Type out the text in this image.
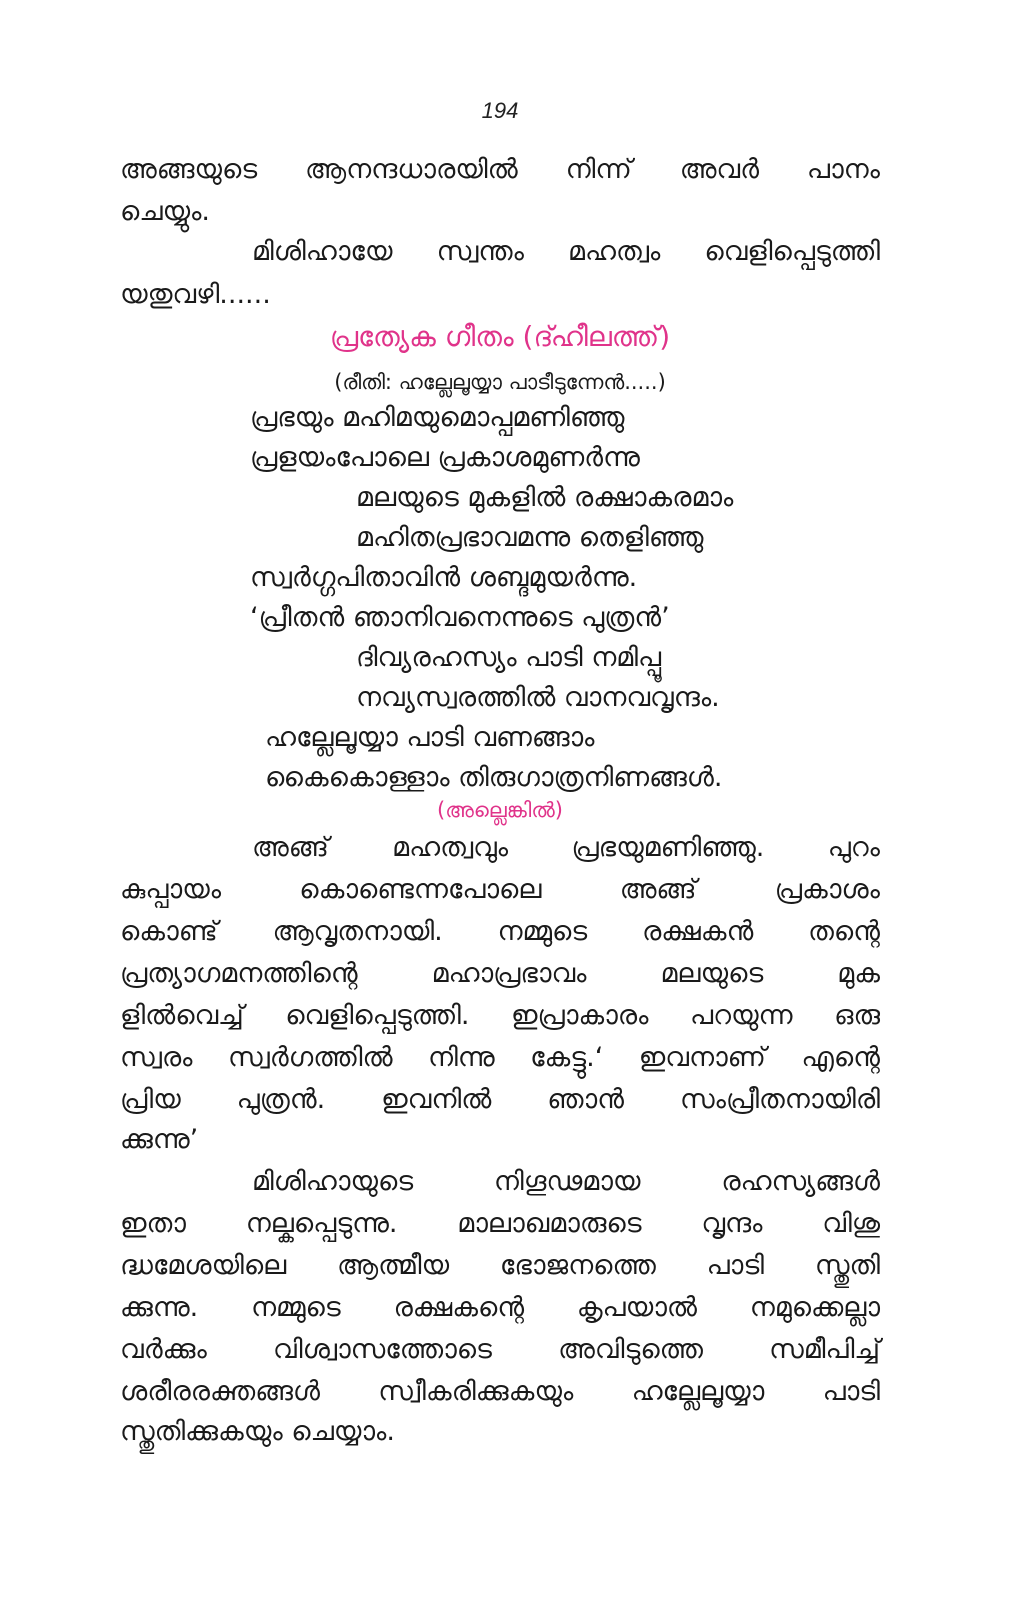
194
അങ്ങയുടെ ആനന്ദധാരയിൽ നിന്ന് അവർ പാനം
ചെയ്യും.
മിശിഹായേ സ്വന്തം മഹത്വം വെളിപ്പെടുത്തി
യതുവഴി......
പ്രത്യേക ഗീതം (ദ്ഹീലത്ത്)
(രീതി: ഹല്ലേലൂയ്യാ പാടീടുന്നേൻ.....)
പ്രഭയും മഹിമയുമൊപ്പമണിഞ്ഞു
പ്രളയംപോലെ പ്രകാശമുണർന്നു
മലയുടെ മുകളിൽ രക്ഷാകരമാം
മഹിതപ്രഭാവമന്നു തെളിഞ്ഞു
സ്വർഗ്ഗപിതാവിൻ ശബ്ദമുയർന്നു.
‘പ്രീതൻ ഞാനിവനെന്നുടെ പുത്രൻ’
ദിവ്യരഹസ്യം പാടി നമിപ്പൂ
നവ്യസ്വരത്തിൽ വാനവവൃന്ദം.
ഹല്ലേലൂയ്യാ പാടി വണങ്ങാം
കൈകൊള്ളാം തിരുഗാത്രനിണങ്ങൾ.
(അല്ലെങ്കിൽ)
അങ്ങ് മഹത്വവും പ്രഭയുമണിഞ്ഞു. പുറം
കുപ്പായം കൊണ്ടെന്നപോലെ അങ്ങ് പ്രകാശം
കൊണ്ട് ആവൃതനായി. നമ്മുടെ രക്ഷകൻ തന്റെ
പ്രത്യാഗമനത്തിന്റെ മഹാപ്രഭാവം മലയുടെ മുക
ളിൽവെച്ച് വെളിപ്പെടുത്തി. ഇപ്രാകാരം പറയുന്ന ഒരു
സ്വരം സ്വർഗത്തിൽ നിന്നു കേട്ടു.‘ ഇവനാണ് എന്റെ
പ്രിയ പുത്രൻ. ഇവനിൽ ഞാൻ സംപ്രീതനായിരി
ക്കുന്നു’
മിശിഹായുടെ നിഗൂഢമായ രഹസ്യങ്ങൾ
ഇതാ നല്കപ്പെടുന്നു. മാലാഖമാരുടെ വൃന്ദം വിശു
ദ്ധമേശയിലെ ആത്മീയ ഭോജനത്തെ പാടി സ്തുതി
ക്കുന്നു. നമ്മുടെ രക്ഷകന്റെ കൃപയാൽ നമുക്കെല്ലാ
വർക്കും വിശ്വാസത്തോടെ അവിടുത്തെ സമീപിച്ച്
ശരീരരക്തങ്ങൾ സ്വീകരിക്കുകയും ഹല്ലേലൂയ്യാ പാടി
സ്തുതിക്കുകയും ചെയ്യാം.
